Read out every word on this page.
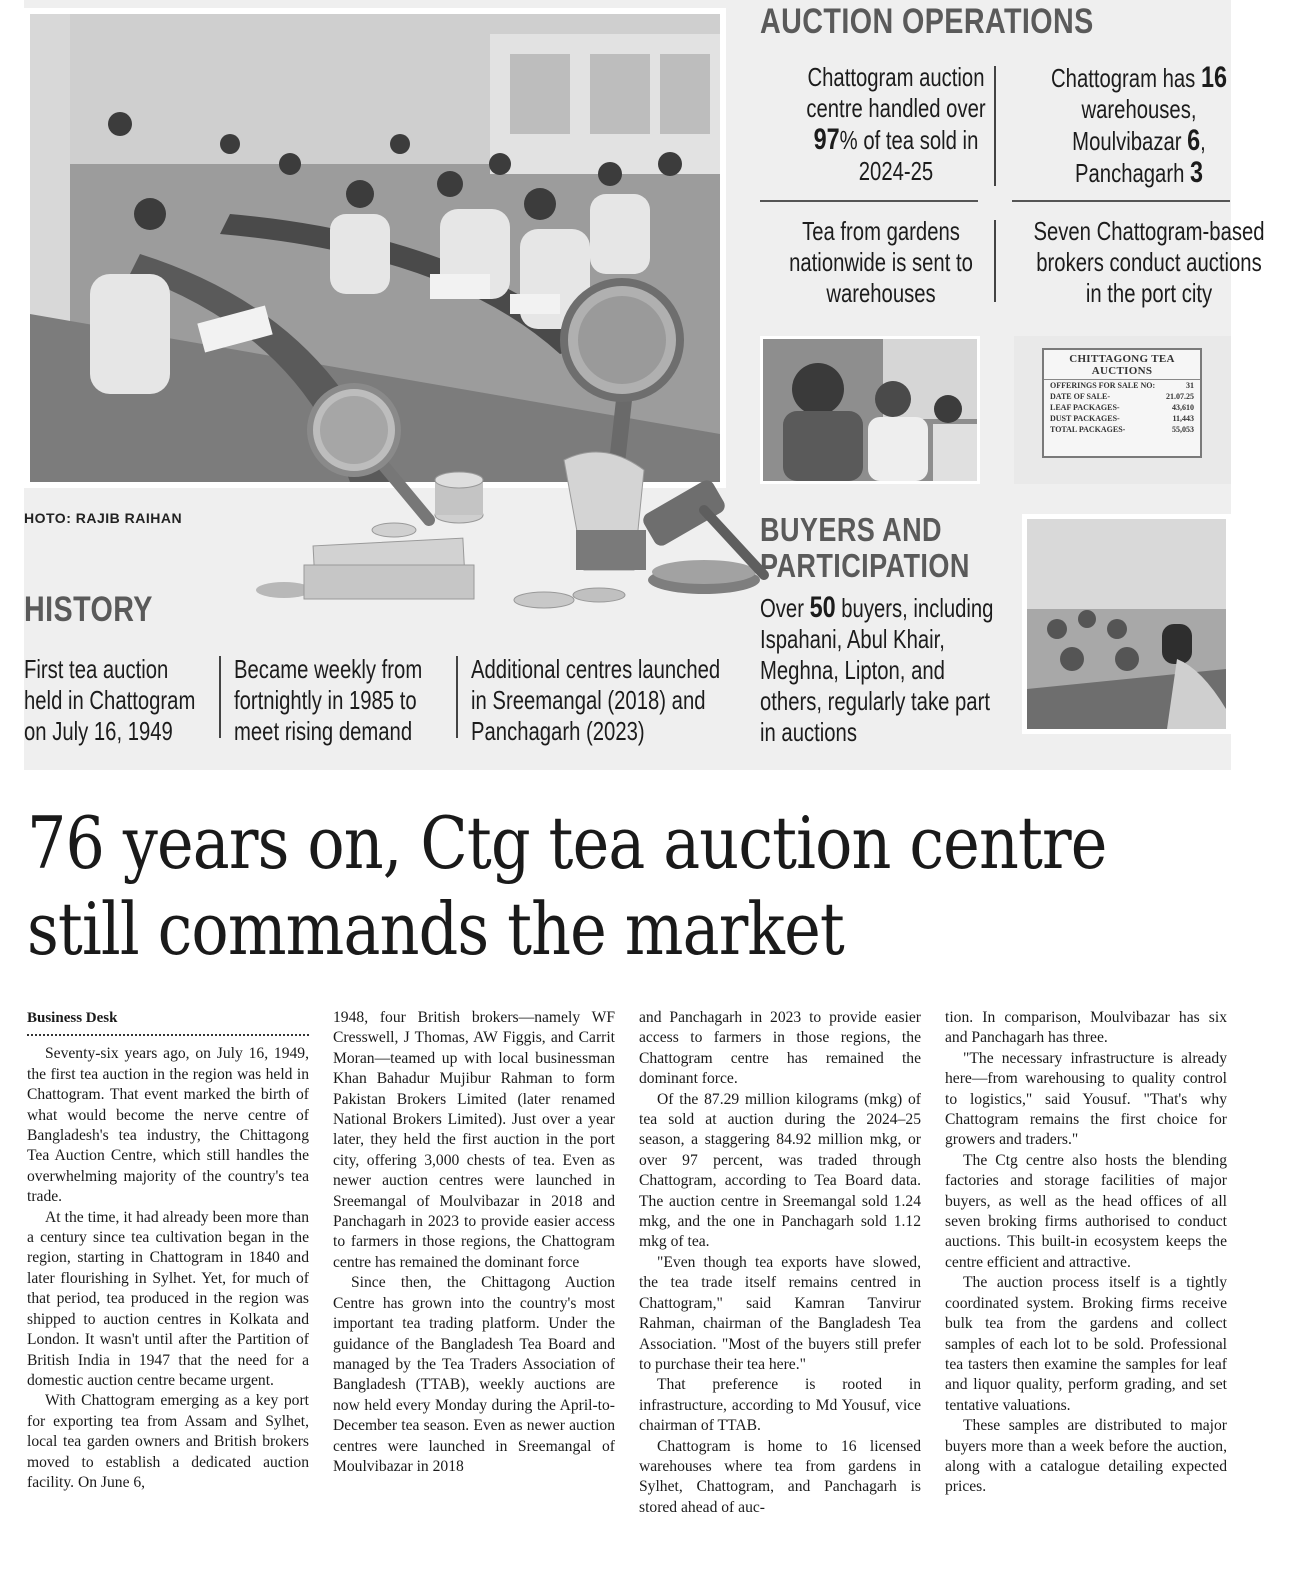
HOTO: RAJIB RAIHAN
AUCTION OPERATIONS
HISTORY
BUYERS AND
PARTICIPATION
Chattogram auction centre handled over 97% of tea sold in 2024-25
Chattogram has 16 warehouses, Moulvibazar 6, Panchagarh 3
Tea from gardens nationwide is sent to warehouses
Seven Chattogram-based brokers conduct auctions in the port city
CHITTAGONG TEA AUCTIONS
OFFERINGS FOR SALE NO:	31
DATE OF SALE-	21.07.25
LEAF PACKAGES-	43,610
DUST PACKAGES-	11,443
TOTAL PACKAGES-	55,053
First tea auction held in Chattogram on July 16, 1949
Became weekly from fortnightly in 1985 to meet rising demand
Additional centres launched in Sreemangal (2018) and Panchagarh (2023)
Over 50 buyers, including Ispahani, Abul Khair, Meghna, Lipton, and others, regularly take part in auctions
76 years on, Ctg tea auction centre
still commands the market

Business Desk

Seventy-six years ago, on July 16, 1949, the first tea auction in the region was held in Chattogram. That event marked the birth of what would become the nerve centre of Bangladesh's tea industry, the Chittagong Tea Auction Centre, which still handles the overwhelming majority of the country's tea trade.

At the time, it had already been more than a century since tea cultivation began in the region, starting in Chattogram in 1840 and later flourishing in Sylhet. Yet, for much of that period, tea produced in the region was shipped to auction centres in Kolkata and London. It wasn't until after the Partition of British India in 1947 that the need for a domestic auction centre became urgent.

With Chattogram emerging as a key port for exporting tea from Assam and Sylhet, local tea garden owners and British brokers moved to establish a dedicated auction facility. On June 6,

1948, four British brokers—namely WF Cresswell, J Thomas, AW Figgis, and Carrit Moran—teamed up with local businessman Khan Bahadur Mujibur Rahman to form Pakistan Brokers Limited (later renamed National Brokers Limited). Just over a year later, they held the first auction in the port city, offering 3,000 chests of tea. Even as newer auction centres were launched in Sreemangal of Moulvibazar in 2018 and Panchagarh in 2023 to provide easier access to farmers in those regions, the Chattogram centre has remained the dominant force

Since then, the Chittagong Auction Centre has grown into the country's most important tea trading platform. Under the guidance of the Bangladesh Tea Board and managed by the Tea Traders Association of Bangladesh (TTAB), weekly auctions are now held every Monday during the April-to-December tea season. Even as newer auction centres were launched in Sreemangal of Moulvibazar in 2018

and Panchagarh in 2023 to provide easier access to farmers in those regions, the Chattogram centre has remained the dominant force.

Of the 87.29 million kilograms (mkg) of tea sold at auction during the 2024–25 season, a staggering 84.92 million mkg, or over 97 percent, was traded through Chattogram, according to Tea Board data. The auction centre in Sreemangal sold 1.24 mkg, and the one in Panchagarh sold 1.12 mkg of tea.

"Even though tea exports have slowed, the tea trade itself remains centred in Chattogram," said Kamran Tanvirur Rahman, chairman of the Bangladesh Tea Association. "Most of the buyers still prefer to purchase their tea here."

That preference is rooted in infrastructure, according to Md Yousuf, vice chairman of TTAB.

Chattogram is home to 16 licensed warehouses where tea from gardens in Sylhet, Chattogram, and Panchagarh is stored ahead of auc-

tion. In comparison, Moulvibazar has six and Panchagarh has three.

"The necessary infrastructure is already here—from warehousing to quality control to logistics," said Yousuf. "That's why Chattogram remains the first choice for growers and traders."

The Ctg centre also hosts the blending factories and storage facilities of major buyers, as well as the head offices of all seven broking firms authorised to conduct auctions. This built-in ecosystem keeps the centre efficient and attractive.

The auction process itself is a tightly coordinated system. Broking firms receive bulk tea from the gardens and collect samples of each lot to be sold. Professional tea tasters then examine the samples for leaf and liquor quality, perform grading, and set tentative valuations.

These samples are distributed to major buyers more than a week before the auction, along with a catalogue detailing expected prices.
